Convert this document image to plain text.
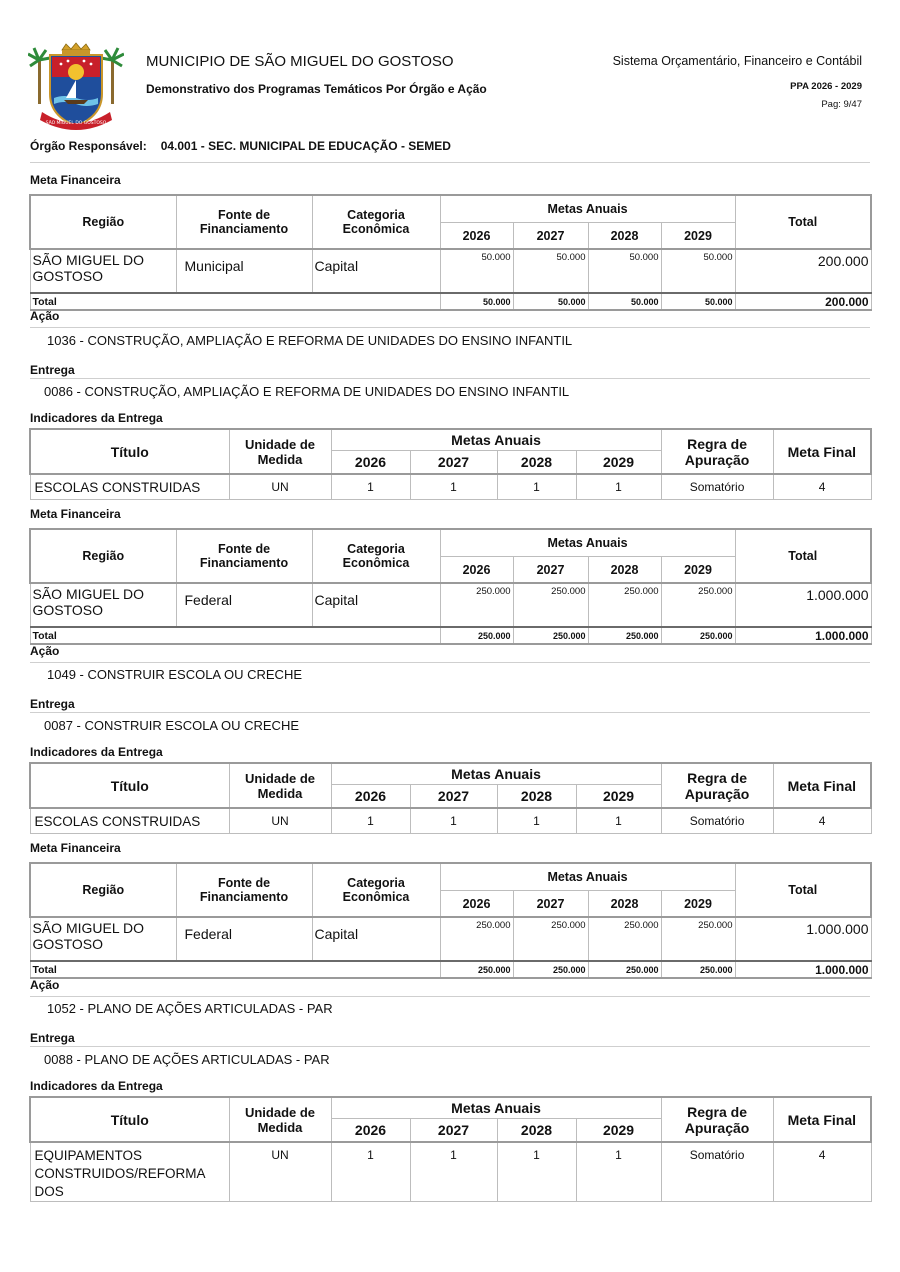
SÃO MIGUEL DO GOSTOSO
MUNICIPIO DE SÃO MIGUEL DO GOSTOSO
Demonstrativo dos Programas Temáticos Por Órgão e Ação
Sistema Orçamentário, Financeiro e Contábil
PPA 2026 - 2029
Pag: 9/47
Órgão Responsável: 04.001 - SEC. MUNICIPAL DE EDUCAÇÃO - SEMED
Meta Financeira
Região	Fonte de Financiamento	Categoria Econômica	Metas Anuais				Total
			2026	2027	2028	2029	
SÃO MIGUEL DO GOSTOSO	Municipal	Capital	50.000	50.000	50.000	50.000	200.000
Total			50.000	50.000	50.000	50.000	200.000
Ação
1036 - CONSTRUÇÃO, AMPLIAÇÃO E REFORMA DE UNIDADES DO ENSINO INFANTIL
Entrega
0086 - CONSTRUÇÃO, AMPLIAÇÃO E REFORMA DE UNIDADES DO ENSINO INFANTIL
Indicadores da Entrega
Título	Unidade de Medida	Metas Anuais				Regra de Apuração	Meta Final
		2026	2027	2028	2029		
ESCOLAS CONSTRUIDAS	UN	1	1	1	1	Somatório	4
Meta Financeira
Região	Fonte de Financiamento	Categoria Econômica	Metas Anuais				Total
			2026	2027	2028	2029	
SÃO MIGUEL DO GOSTOSO	Federal	Capital	250.000	250.000	250.000	250.000	1.000.000
Total			250.000	250.000	250.000	250.000	1.000.000
Ação
1049 - CONSTRUIR ESCOLA OU CRECHE
Entrega
0087 - CONSTRUIR ESCOLA OU CRECHE
Indicadores da Entrega
Título	Unidade de Medida	Metas Anuais				Regra de Apuração	Meta Final
		2026	2027	2028	2029		
ESCOLAS CONSTRUIDAS	UN	1	1	1	1	Somatório	4
Meta Financeira
Região	Fonte de Financiamento	Categoria Econômica	Metas Anuais				Total
			2026	2027	2028	2029	
SÃO MIGUEL DO GOSTOSO	Federal	Capital	250.000	250.000	250.000	250.000	1.000.000
Total			250.000	250.000	250.000	250.000	1.000.000
Ação
1052 - PLANO DE AÇÕES ARTICULADAS - PAR
Entrega
0088 - PLANO DE AÇÕES ARTICULADAS - PAR
Indicadores da Entrega
Título	Unidade de Medida	Metas Anuais				Regra de Apuração	Meta Final
		2026	2027	2028	2029		
EQUIPAMENTOS CONSTRUIDOS/REFORMA DOS	UN	1	1	1	1	Somatório	4
